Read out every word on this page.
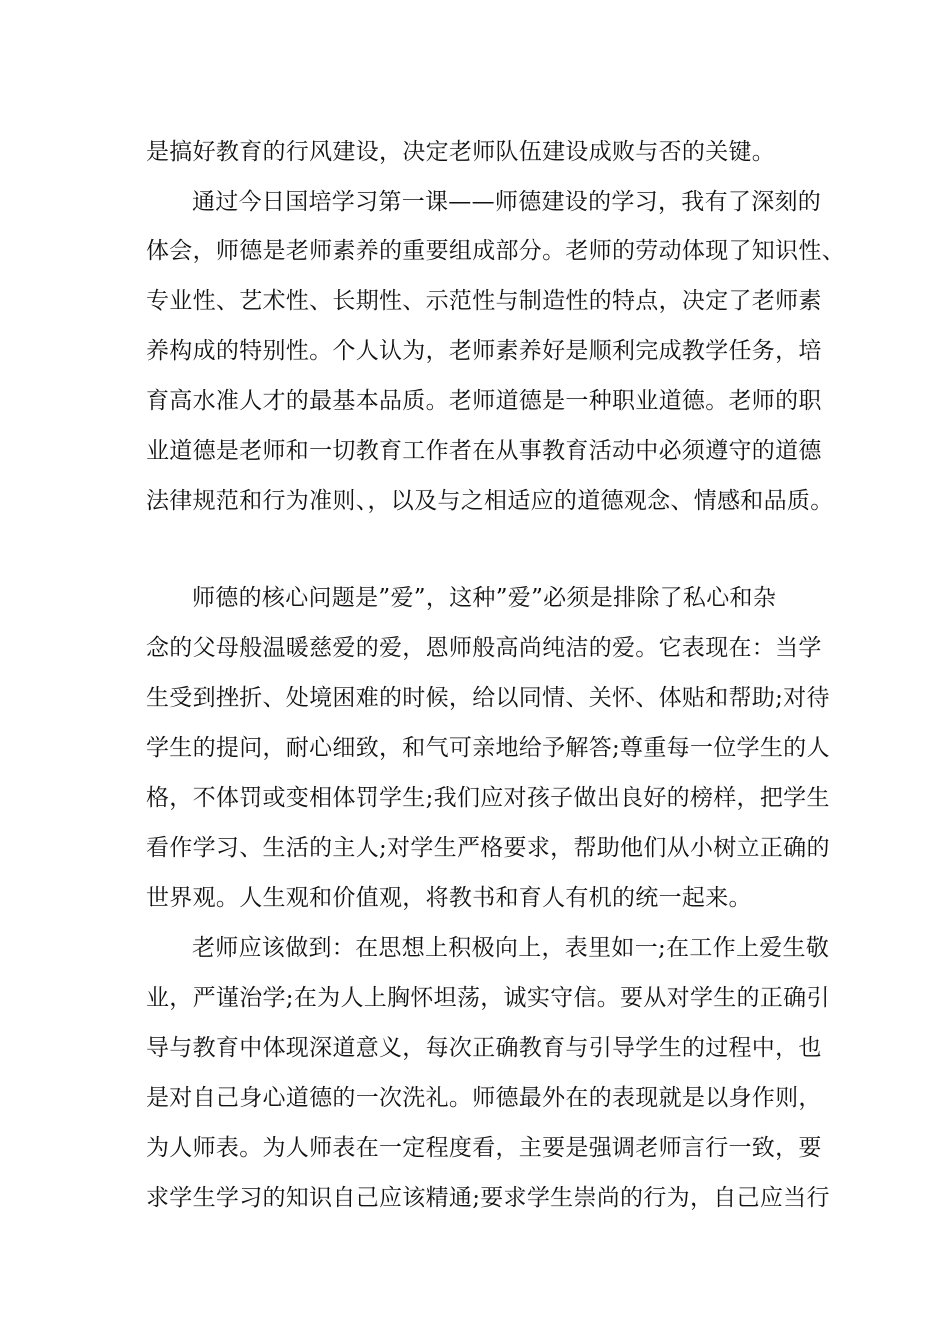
是搞好教育的行风建设，决定老师队伍建设成败与否的关键。
通过今日国培学习第一课——师德建设的学习，我有了深刻的
体会，师德是老师素养的重要组成部分。老师的劳动体现了知识性、
专业性、艺术性、长期性、示范性与制造性的特点，决定了老师素
养构成的特别性。个人认为，老师素养好是顺利完成教学任务，培
育高水准人才的最基本品质。老师道德是一种职业道德。老师的职
业道德是老师和一切教育工作者在从事教育活动中必须遵守的道德
法律规范和行为准则、，以及与之相适应的道德观念、情感和品质。
师德的核心问题是”爱”，这种”爱”必须是排除了私心和杂
念的父母般温暖慈爱的爱，恩师般高尚纯洁的爱。它表现在：当学
生受到挫折、处境困难的时候，给以同情、关怀、体贴和帮助;对待
学生的提问，耐心细致，和气可亲地给予解答;尊重每一位学生的人
格，不体罚或变相体罚学生;我们应对孩子做出良好的榜样，把学生
看作学习、生活的主人;对学生严格要求，帮助他们从小树立正确的
世界观。人生观和价值观，将教书和育人有机的统一起来。
老师应该做到：在思想上积极向上，表里如一;在工作上爱生敬
业，严谨治学;在为人上胸怀坦荡，诚实守信。要从对学生的正确引
导与教育中体现深道意义，每次正确教育与引导学生的过程中，也
是对自己身心道德的一次洗礼。师德最外在的表现就是以身作则，
为人师表。为人师表在一定程度看，主要是强调老师言行一致，要
求学生学习的知识自己应该精通;要求学生崇尚的行为，自己应当行
